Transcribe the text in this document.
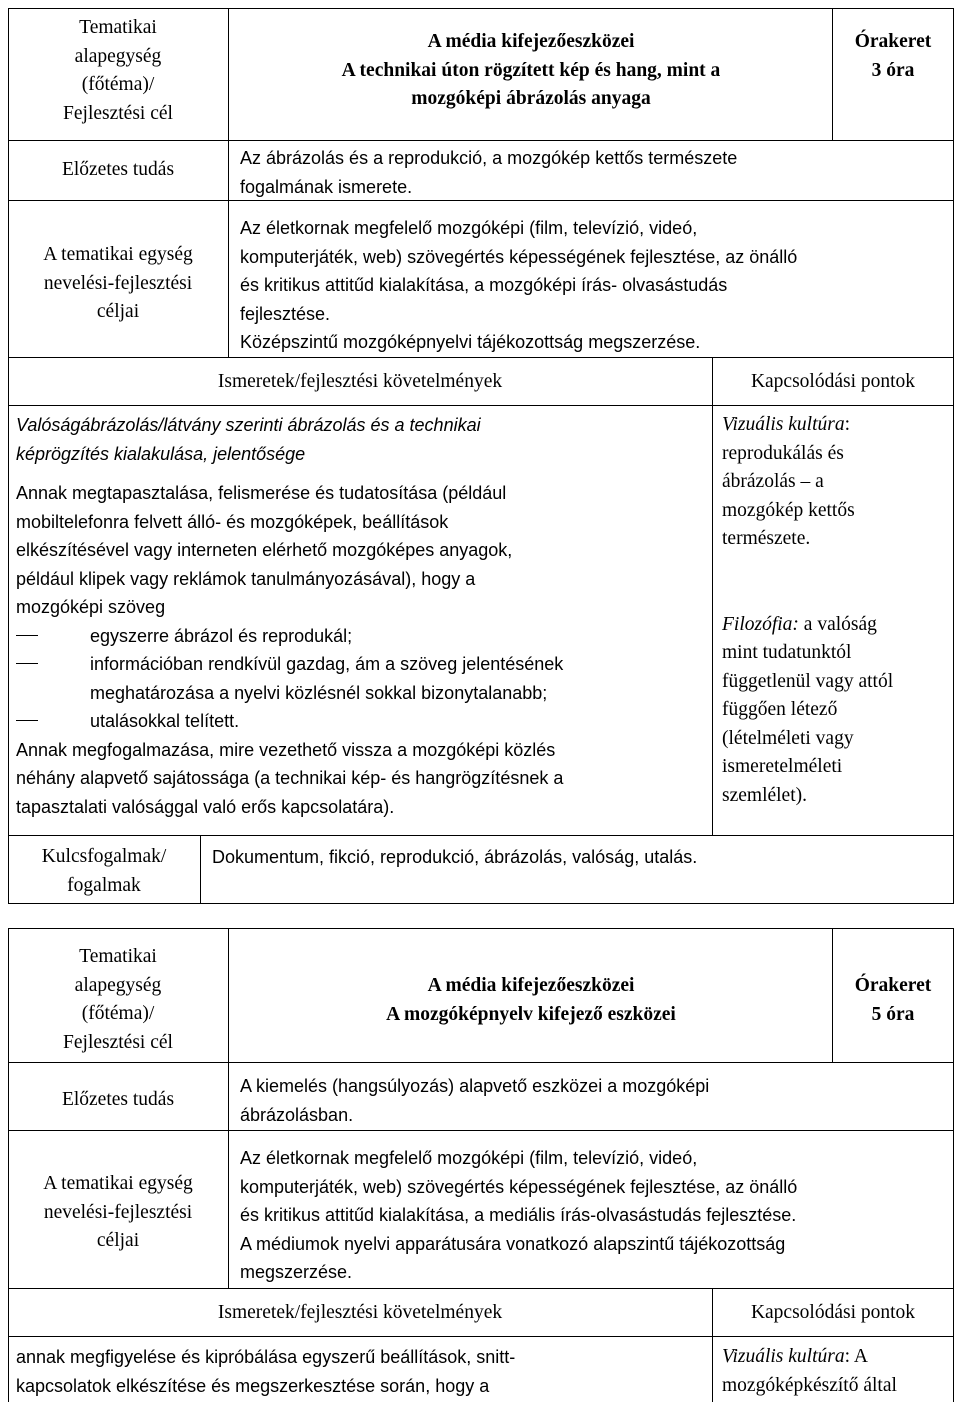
Tematikai
alapegység
(főtéma)/
Fejlesztési cél
A média kifejezőeszközei
A technikai úton rögzített kép és hang, mint a
mozgóképi ábrázolás anyaga
Órakeret
3 óra
Előzetes tudás
Az ábrázolás és a reprodukció, a mozgókép kettős természete
fogalmának ismerete.
A tematikai egység
nevelési-fejlesztési
céljai
Az életkornak megfelelő mozgóképi (film, televízió, videó,
komputerjáték, web) szövegértés képességének fejlesztése, az önálló
és kritikus attitűd kialakítása, a mozgóképi írás- olvasástudás
fejlesztése.
Középszintű mozgóképnyelvi tájékozottság megszerzése.
Ismeretek/fejlesztési követelmények	Kapcsolódási pontok
Valóságábrázolás/látvány szerinti ábrázolás és a technikai
képrögzítés kialakulása, jelentősége
Annak megtapasztalása, felismerése és tudatosítása (például
mobiltelefonra felvett álló- és mozgóképek, beállítások
elkészítésével vagy interneten elérhető mozgóképes anyagok,
például klipek vagy reklámok tanulmányozásával), hogy a
mozgóképi szöveg
egyszerre ábrázol és reprodukál;
információban rendkívül gazdag, ám a szöveg jelentésének
meghatározása a nyelvi közlésnél sokkal bizonytalanabb;
utalásokkal telített.
Annak megfogalmazása, mire vezethető vissza a mozgóképi közlés
néhány alapvető sajátossága (a technikai kép- és hangrögzítésnek a
tapasztalati valósággal való erős kapcsolatára).
Vizuális kultúra:
reprodukálás és
ábrázolás – a
mozgókép kettős
természete.
Filozófia: a valóság
mint tudatunktól
függetlenül vagy attól
függően létező
(lételméleti vagy
ismeretelméleti
szemlélet).
Kulcsfogalmak/
fogalmak
Dokumentum, fikció, reprodukció, ábrázolás, valóság, utalás.
Tematikai
alapegység
(főtéma)/
Fejlesztési cél
A média kifejezőeszközei
A mozgóképnyelv kifejező eszközei
Órakeret
5 óra
Előzetes tudás
A kiemelés (hangsúlyozás) alapvető eszközei a mozgóképi
ábrázolásban.
A tematikai egység
nevelési-fejlesztési
céljai
Az életkornak megfelelő mozgóképi (film, televízió, videó,
komputerjáték, web) szövegértés képességének fejlesztése, az önálló
és kritikus attitűd kialakítása, a mediális írás-olvasástudás fejlesztése.
A médiumok nyelvi apparátusára vonatkozó alapszintű tájékozottság
megszerzése.
Ismeretek/fejlesztési követelmények	Kapcsolódási pontok
annak megfigyelése és kipróbálása egyszerű beállítások, snitt-
kapcsolatok elkészítése és megszerkesztése során, hogy a
Vizuális kultúra: A
mozgóképkészítő által
